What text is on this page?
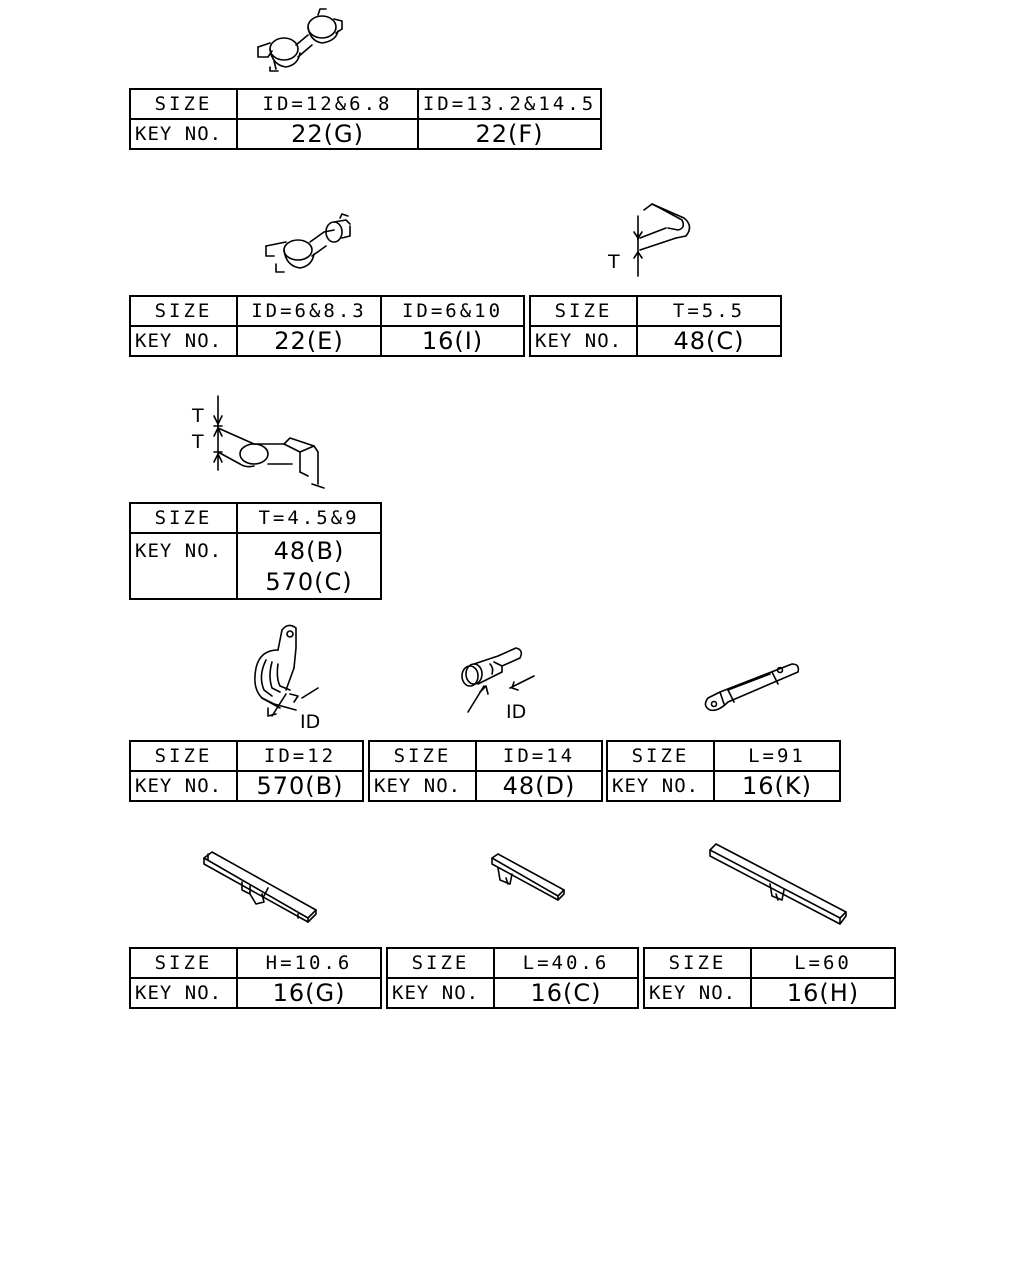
T
T
T
ID	ID
SIZE	ID=12&6.8	ID=13.2&14.5
KEY NO.	22(G)	22(F)
SIZE	ID=6&8.3	ID=6&10
KEY NO.	22(E)	16(I)
SIZE	T=5.5
KEY NO.	48(C)
SIZE	T=4.5&9
KEY NO.	48(B)
570(C)
SIZE	ID=12
KEY NO.	570(B)
SIZE	ID=14
KEY NO.	48(D)
SIZE	L=91
KEY NO.	16(K)
SIZE	H=10.6
KEY NO.	16(G)
SIZE	L=40.6
KEY NO.	16(C)
SIZE	L=60
KEY NO.	16(H)
